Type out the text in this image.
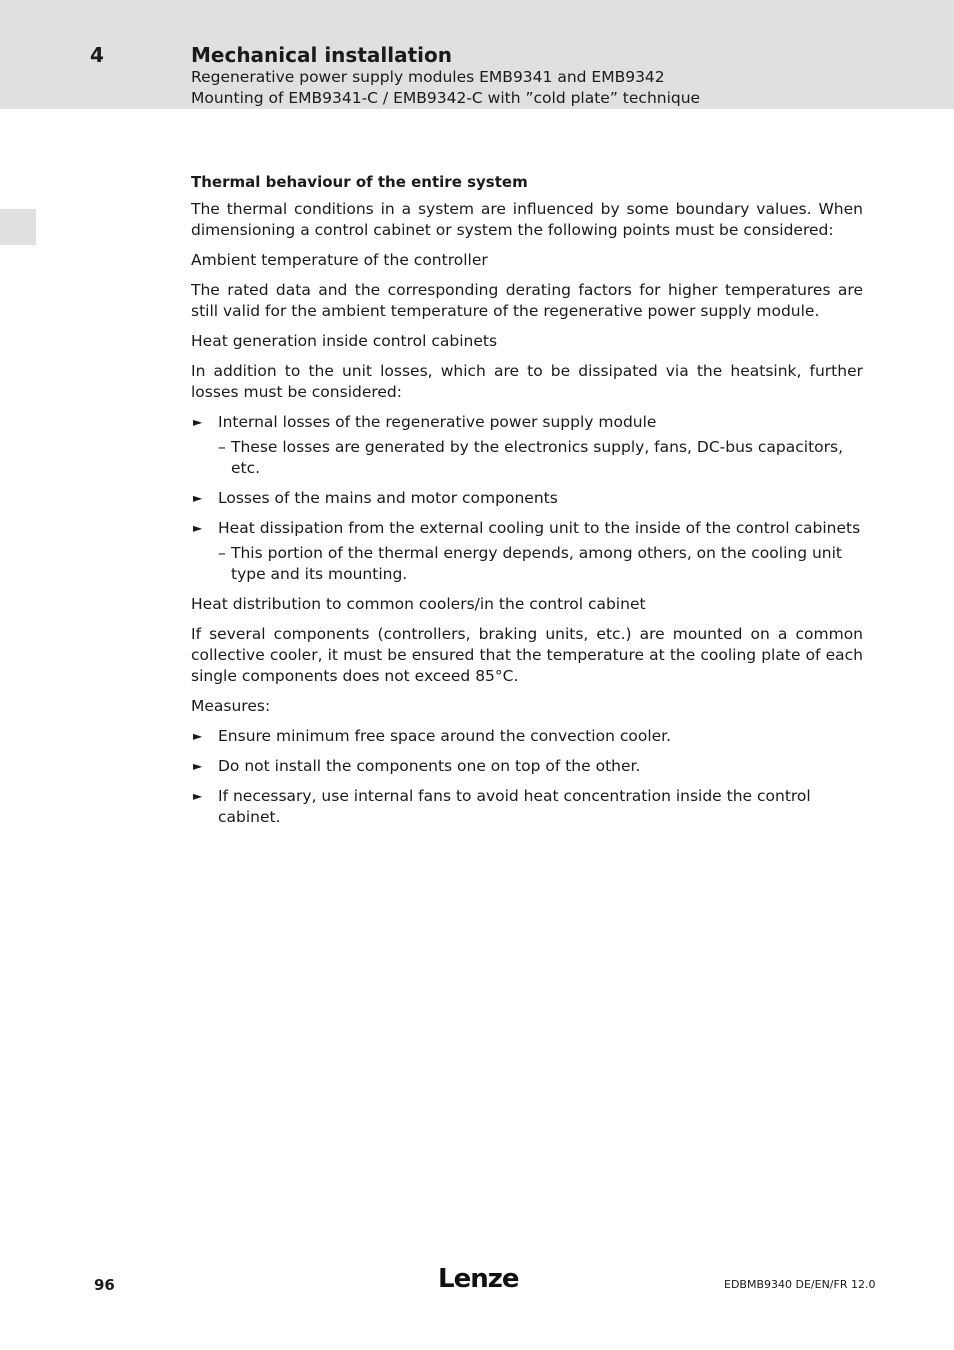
4	Mechanical installation
Regenerative power supply modules EMB9341 and EMB9342
Mounting of EMB9341-C / EMB9342-C with ”cold plate” technique
Thermal behaviour of the entire system

The thermal conditions in a system are influenced by some boundary values. When dimensioning a control cabinet or system the following points must be considered:

Ambient temperature of the controller

The rated data and the corresponding derating factors for higher temperatures are still valid for the ambient temperature of the regenerative power supply module.

Heat generation inside control cabinets

In addition to the unit losses, which are to be dissipated via the heatsink, further losses must be considered:

► Internal losses of the regenerative power supply module
– These losses are generated by the electronics supply, fans, DC-bus capacitors, etc.
► Losses of the mains and motor components
► Heat dissipation from the external cooling unit to the inside of the control cabinets
– This portion of the thermal energy depends, among others, on the cooling unit type and its mounting.

Heat distribution to common coolers/in the control cabinet

If several components (controllers, braking units, etc.) are mounted on a common collective cooler, it must be ensured that the temperature at the cooling plate of each single components does not exceed 85°C.

Measures:

► Ensure minimum free space around the convection cooler.
► Do not install the components one on top of the other.
► If necessary, use internal fans to avoid heat concentration inside the control cabinet.
96	Lenze	EDBMB9340 DE/EN/FR 12.0
